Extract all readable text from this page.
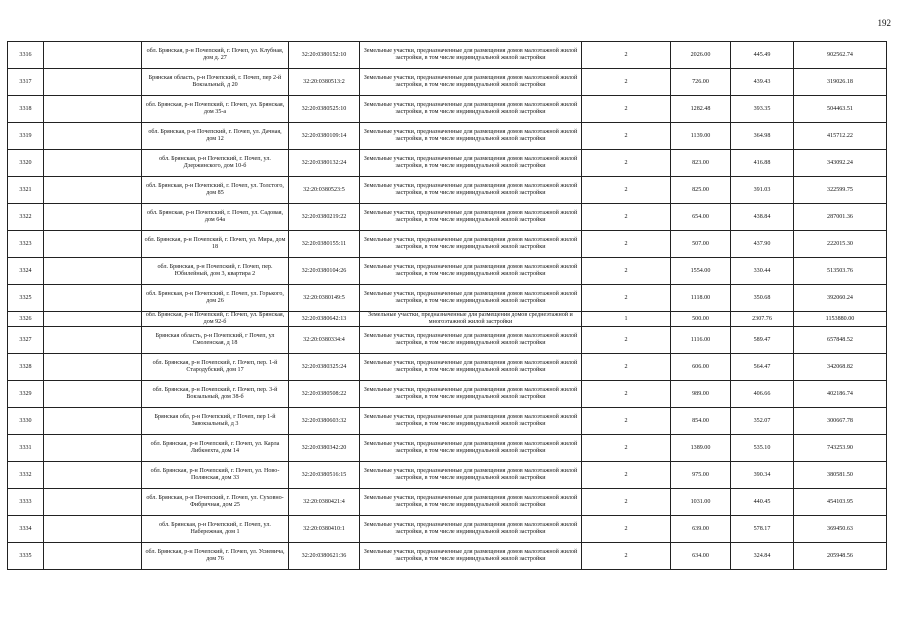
192
3316		обл. Брянская, р-н Почепский, г. Почеп, ул. Клубная, дом д. 27	32:20:0380152:10	Земельные участки, предназначенные для размещения домов малоэтажной жилой застройки, в том числе индивидуальной жилой застройки	2	2026.00	445.49	902562.74
3317		Брянская область, р-н Почепский, г. Почеп, пер 2-й Вокзальный, д 20	32:20:0380513:2	Земельные участки, предназначенные для размещения домов малоэтажной жилой застройки, в том числе индивидуальной жилой застройки	2	726.00	439.43	319026.18
3318		обл. Брянская, р-н Почепский, г. Почеп, ул. Брянская, дом 35-а	32:20:0380525:10	Земельные участки, предназначенные для размещения домов малоэтажной жилой застройки, в том числе индивидуальной жилой застройки	2	1282.48	393.35	504463.51
3319		обл. Брянская, р-н Почепский, г. Почеп, ул. Дачная, дом 12	32:20:0380109:14	Земельные участки, предназначенные для размещения домов малоэтажной жилой застройки, в том числе индивидуальной жилой застройки	2	1139.00	364.98	415712.22
3320		обл. Брянская, р-н Почепский, г. Почеп, ул. Дзержинского, дом 10-б	32:20:0380132:24	Земельные участки, предназначенные для размещения домов малоэтажной жилой застройки, в том числе индивидуальной жилой застройки	2	823.00	416.88	343092.24
3321		обл. Брянская, р-н Почепский, г. Почеп, ул. Толстого, дом 85	32:20:0380523:5	Земельные участки, предназначенные для размещения домов малоэтажной жилой застройки, в том числе индивидуальной жилой застройки	2	825.00	391.03	322599.75
3322		обл. Брянская, р-н Почепский, г. Почеп, ул. Садовая, дом 64а	32:20:0380219:22	Земельные участки, предназначенные для размещения домов малоэтажной жилой застройки, в том числе индивидуальной жилой застройки	2	654.00	438.84	287001.36
3323		обл. Брянская, р-н Почепский, г. Почеп, ул. Мира, дом 18	32:20:0380155:11	Земельные участки, предназначенные для размещения домов малоэтажной жилой застройки, в том числе индивидуальной жилой застройки	2	507.00	437.90	222015.30
3324		обл. Брянская, р-н Почепский, г. Почеп, пер. Юбилейный, дом 3, квартира 2	32:20:0380104:26	Земельные участки, предназначенные для размещения домов малоэтажной жилой застройки, в том числе индивидуальной жилой застройки	2	1554.00	330.44	513503.76
3325		обл. Брянская, р-н Почепский, г. Почеп, ул. Горького, дом 26	32:20:0380149:5	Земельные участки, предназначенные для размещения домов малоэтажной жилой застройки, в том числе индивидуальной жилой застройки	2	1118.00	350.68	392060.24
3326		обл. Брянская, р-н Почепский, г. Почеп, ул. Брянская, дом 92-б	32:20:0380642:13	Земельные участки, предназначенные для размещения домов среднеэтажной и многоэтажной жилой застройки	1	500.00	2307.76	1153880.00
3327		Брянская область, р-н Почепский, г Почеп, ул Смоленская, д 18	32:20:0380334:4	Земельные участки, предназначенные для размещения домов малоэтажной жилой застройки, в том числе индивидуальной жилой застройки	2	1116.00	589.47	657848.52
3328		обл. Брянская, р-н Почепский, г. Почеп, пер. 1-й Стародубский, дом 17	32:20:0380325:24	Земельные участки, предназначенные для размещения домов малоэтажной жилой застройки, в том числе индивидуальной жилой застройки	2	606.00	564.47	342068.82
3329		обл. Брянская, р-н Почепский, г. Почеп, пер. 3-й Вокзальный, дом 38-б	32:20:0380508:22	Земельные участки, предназначенные для размещения домов малоэтажной жилой застройки, в том числе индивидуальной жилой застройки	2	989.00	406.66	402186.74
3330		Брянская обл, р-н Почепский, г Почеп, пер 1-й Завокзальный, д 3	32:20:0380603:32	Земельные участки, предназначенные для размещения домов малоэтажной жилой застройки, в том числе индивидуальной жилой застройки	2	854.00	352.07	300667.78
3331		обл. Брянская, р-н Почепский, г. Почеп, ул. Карла Либкнехта, дом 14	32:20:0380342:20	Земельные участки, предназначенные для размещения домов малоэтажной жилой застройки, в том числе индивидуальной жилой застройки	2	1389.00	535.10	743253.90
3332		обл. Брянская, р-н Почепский, г. Почеп, ул. Ново-Полянская, дом 33	32:20:0380516:15	Земельные участки, предназначенные для размещения домов малоэтажной жилой застройки, в том числе индивидуальной жилой застройки	2	975.00	390.34	380581.50
3333		обл. Брянская, р-н Почепский, г. Почеп, ул. Суховно-Фибричная, дом 25	32:20:0380421:4	Земельные участки, предназначенные для размещения домов малоэтажной жилой застройки, в том числе индивидуальной жилой застройки	2	1031.00	440.45	454103.95
3334		обл. Брянская, р-н Почепский, г. Почеп, ул. Набережная, дом 1	32:20:0380410:1	Земельные участки, предназначенные для размещения домов малоэтажной жилой застройки, в том числе индивидуальной жилой застройки	2	639.00	578.17	369450.63
3335		обл. Брянская, р-н Почепский, г. Почеп, ул. Усиевича, дом 76	32:20:0380621:36	Земельные участки, предназначенные для размещения домов малоэтажной жилой застройки, в том числе индивидуальной жилой застройки	2	634.00	324.84	205948.56
